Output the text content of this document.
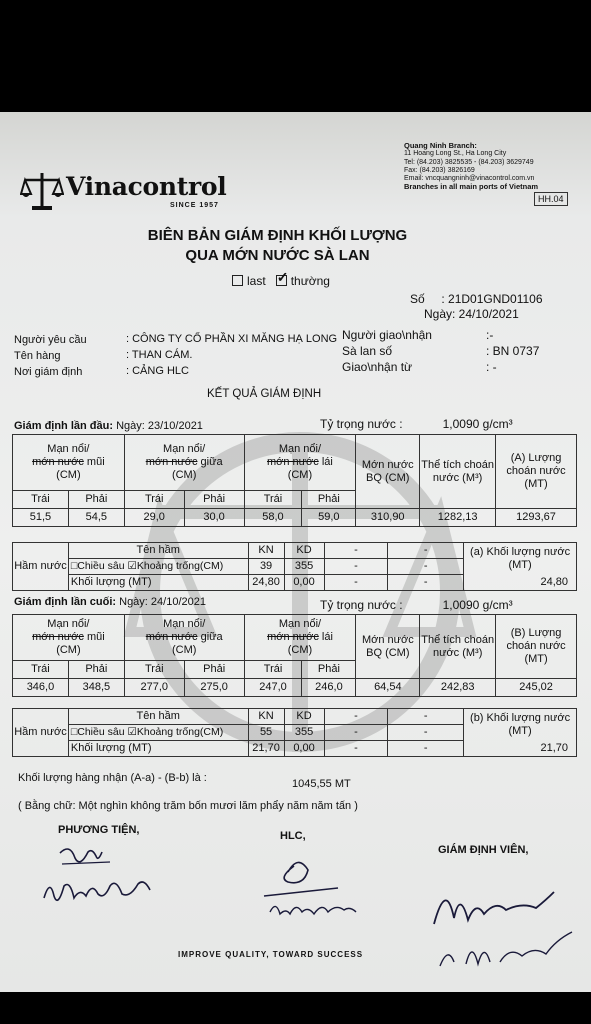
Vinacontrol
SINCE 1957
Quang Ninh Branch:
11 Hoang Long St., Ha Long City
Tel: (84.203) 3825535 - (84.203) 3629749
Fax: (84.203) 3826169
Email: vncquangninh@vinacontrol.com.vn
Branches in all main ports of Vietnam
HH.04
BIÊN BẢN GIÁM ĐỊNH KHỐI LƯỢNG
QUA MỚN NƯỚC SÀ LAN
last ✓ thường
Số : 21D01GND01106
Ngày: 24/10/2021
Người yêu cầu	: CÔNG TY CỔ PHẦN XI MĂNG HẠ LONG
Tên hàng	: THAN CÁM.
Nơi giám định	: CẢNG HLC
Người giao\nhận	:-
Sà lan số	: BN 0737
Giao\nhận từ	: -
KẾT QUẢ GIÁM ĐỊNH
Giám định lần đầu: Ngày: 23/10/2021	Tỷ trọng nước :	1,0090 g/cm³
Mạn nổi/
mớn nước mũi
(CM)		Mạn nổi/
mớn nước giữa
(CM)		Mạn nổi/
mớn nước lái
(CM)		Mớn nước BQ (CM)	Thể tích choán nước (M³)	(A) Lượng choán nước (MT)
Trái	Phải	Trái	Phải	Trái	Phải			
51,5	54,5	29,0	30,0	58,0	59,0	310,90	1282,13	1293,67
Hầm nước	Tên hầm	KN	KD	-	-	(a) Khối lượng nước (MT)
	□Chiều sâu ☑Khoảng trống(CM)	39	355	-	-	
	Khối lượng (MT)	24,80	0,00	-	-	24,80
Giám định lần cuối: Ngày: 24/10/2021	Tỷ trọng nước :	1,0090 g/cm³
Mạn nổi/
mớn nước mũi
(CM)		Mạn nổi/
mớn nước giữa
(CM)		Mạn nổi/
mớn nước lái
(CM)		Mớn nước BQ (CM)	Thể tích choán nước (M³)	(B) Lượng choán nước (MT)
Trái	Phải	Trái	Phải	Trái	Phải			
346,0	348,5	277,0	275,0	247,0	246,0	64,54	242,83	245,02
Hầm nước	Tên hầm	KN	KD	-	-	(b) Khối lượng nước (MT)
	□Chiều sâu ☑Khoảng trống(CM)	55	355	-	-	
	Khối lượng (MT)	21,70	0,00	-	-	21,70
Khối lượng hàng nhận (A-a) - (B-b) là :	1045,55 MT
( Bằng chữ: Một nghìn không trăm bốn mươi lăm phẩy năm năm tấn )
PHƯƠNG TIỆN,	HLC,
GIÁM ĐỊNH VIÊN,
IMPROVE QUALITY, TOWARD SUCCESS
